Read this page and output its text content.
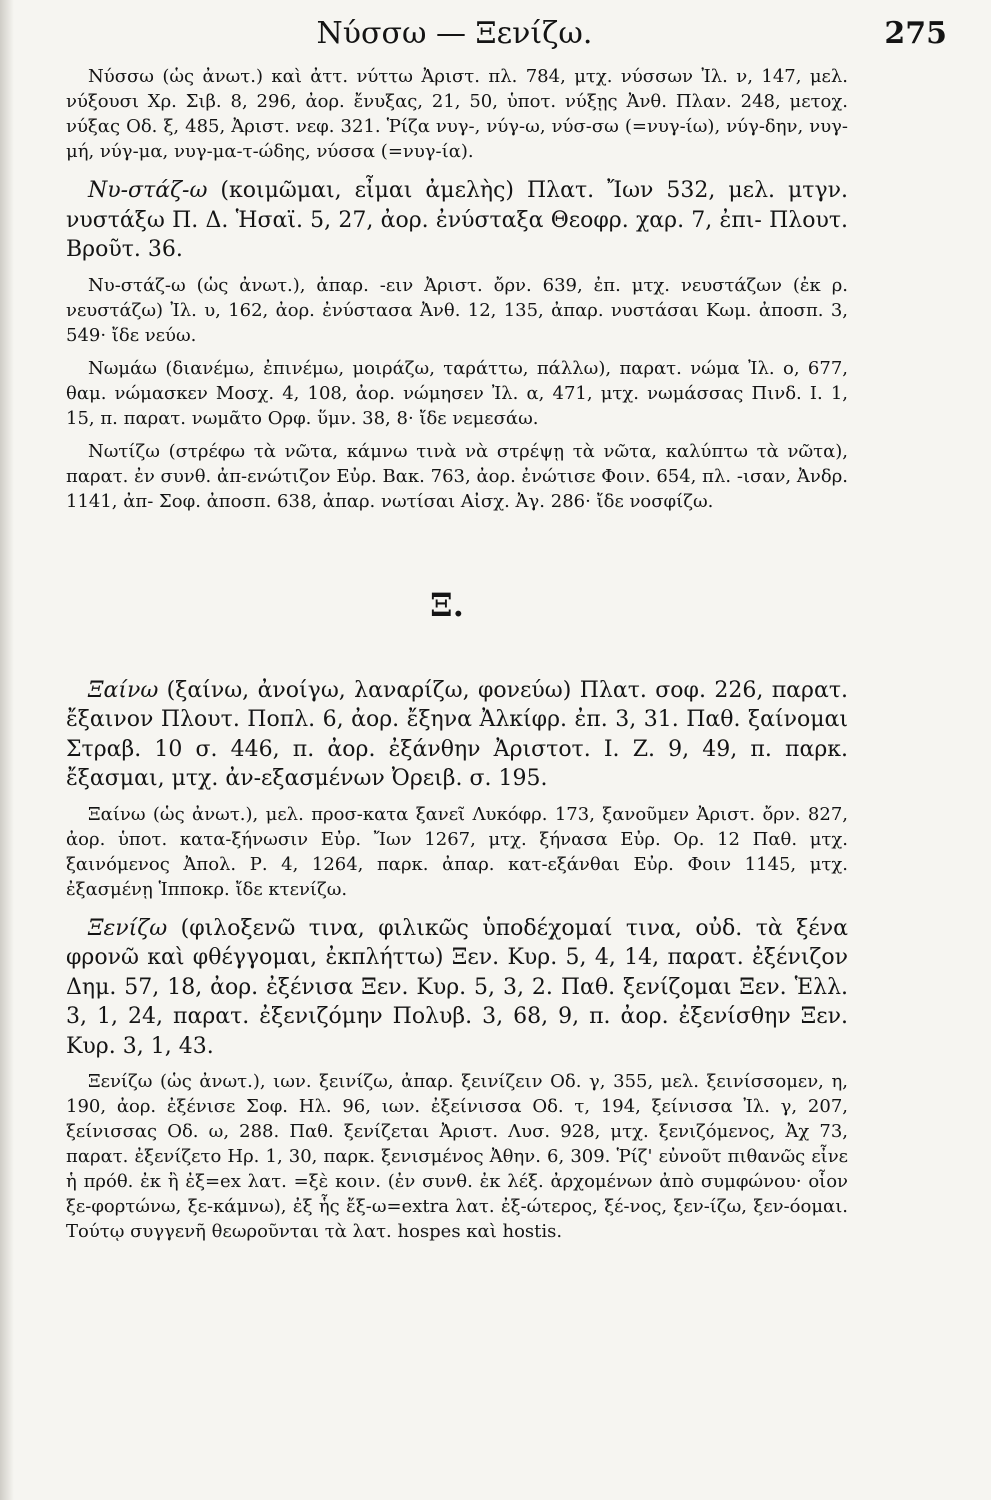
Νύσσω — Ξενίζω.	275

Νύσσω (ὡς ἀνωτ.) καὶ ἀττ. νύττω Ἀριστ. πλ. 784, μτχ. νύσσων Ἰλ. ν, 147, μελ. νύξουσι Χρ. Σιβ. 8, 296, ἀορ. ἔνυξας, 21, 50, ὑποτ. νύξῃς Ἀνθ. Πλαν. 248, μετοχ. νύξας Οδ. ξ, 485, Ἀριστ. νεφ. 321. Ῥίζα νυγ-, νύγ-ω, νύσ-σω (=νυγ-ίω), νύγ-δην, νυγ-μή, νύγ-μα, νυγ-μα-τ-ώδης, νύσσα (=νυγ-ία).

Νυ-στάζ-ω (κοιμῶμαι, εἶμαι ἀμελὴς) Πλατ. Ἴων 532, μελ. μτγν. νυστάξω Π. Δ. Ἡσαϊ. 5, 27, ἀορ. ἐνύσταξα Θεοφρ. χαρ. 7, ἐπι- Πλουτ. Βροῦτ. 36.

Νυ-στάζ-ω (ὡς ἀνωτ.), ἀπαρ. -ειν Ἀριστ. ὄρν. 639, ἐπ. μτχ. νευστάζων (ἐκ ρ. νευστάζω) Ἰλ. υ, 162, ἀορ. ἐνύστασα Ἀνθ. 12, 135, ἀπαρ. νυστάσαι Κωμ. ἀποσπ. 3, 549· ἴδε νεύω.

Νωμάω (διανέμω, ἐπινέμω, μοιράζω, ταράττω, πάλλω), παρατ. νώμα Ἰλ. ο, 677, θαμ. νώμασκεν Μοσχ. 4, 108, ἀορ. νώμησεν Ἰλ. α, 471, μτχ. νωμάσσας Πινδ. Ι. 1, 15, π. παρατ. νωμᾶτο Ορφ. ὕμν. 38, 8· ἴδε νεμεσάω.

Νωτίζω (στρέφω τὰ νῶτα, κάμνω τινὰ νὰ στρέψῃ τὰ νῶτα, καλύπτω τὰ νῶτα), παρατ. ἐν συνθ. ἀπ-ενώτιζον Εὐρ. Βακ. 763, ἀορ. ἐνώτισε Φοιν. 654, πλ. -ισαν, Ἀνδρ. 1141, ἀπ- Σοφ. ἀποσπ. 638, ἀπαρ. νωτίσαι Αἰσχ. Ἀγ. 286· ἴδε νοσφίζω.

Ξ.

Ξαίνω (ξαίνω, ἀνοίγω, λαναρίζω, φονεύω) Πλατ. σοφ. 226, παρατ. ἔξαινον Πλουτ. Ποπλ. 6, ἀορ. ἔξηνα Ἀλκίφρ. ἐπ. 3, 31. Παθ. ξαίνομαι Στραβ. 10 σ. 446, π. ἀορ. ἐξάνθην Ἀριστοτ. Ι. Ζ. 9, 49, π. παρκ. ἔξασμαι, μτχ. ἀν-εξασμένων Ὀρειβ. σ. 195.

Ξαίνω (ὡς ἀνωτ.), μελ. προσ-κατα ξανεῖ Λυκόφρ. 173, ξανοῦμεν Ἀριστ. ὄρν. 827, ἀορ. ὑποτ. κατα-ξήνωσιν Εὐρ. Ἴων 1267, μτχ. ξήνασα Εὐρ. Ορ. 12 Παθ. μτχ. ξαινόμενος Ἀπολ. Ρ. 4, 1264, παρκ. ἀπαρ. κατ-εξάνθαι Εὐρ. Φοιν 1145, μτχ. ἐξασμένῃ Ἱπποκρ. ἴδε κτενίζω.

Ξενίζω (φιλοξενῶ τινα, φιλικῶς ὑποδέχομαί τινα, οὐδ. τὰ ξένα φρονῶ καὶ φθέγγομαι, ἐκπλήττω) Ξεν. Κυρ. 5, 4, 14, παρατ. ἐξένιζον Δημ. 57, 18, ἀορ. ἐξένισα Ξεν. Κυρ. 5, 3, 2. Παθ. ξενίζομαι Ξεν. Ἑλλ. 3, 1, 24, παρατ. ἐξενιζόμην Πολυβ. 3, 68, 9, π. ἀορ. ἐξενίσθην Ξεν. Κυρ. 3, 1, 43.

Ξενίζω (ὡς ἀνωτ.), ιων. ξεινίζω, ἀπαρ. ξεινίζειν Οδ. γ, 355, μελ. ξεινίσσομεν, η, 190, ἀορ. ἐξένισε Σοφ. Ηλ. 96, ιων. ἐξείνισσα Οδ. τ, 194, ξείνισσα Ἰλ. γ, 207, ξείνισσας Οδ. ω, 288. Παθ. ξενίζεται Ἀριστ. Λυσ. 928, μτχ. ξενιζόμενος, Ἀχ 73, παρατ. ἐξενίζετο Ηρ. 1, 30, παρκ. ξενισμένος Ἀθην. 6, 309. Ῥίζ' εὐνοῦτ πιθανῶς εἶνε ἡ πρόθ. ἐκ ἢ ἐξ=ex λατ. =ξὲ κοιν. (ἐν συνθ. ἐκ λέξ. ἀρχομένων ἀπὸ συμφώνου· οἷον ξε-φορτώνω, ξε-κάμνω), ἐξ ἧς ἔξ-ω=extra λατ. ἐξ-ώτερος, ξέ-νος, ξεν-ίζω, ξεν-όομαι. Τούτῳ συγγενῆ θεωροῦνται τὰ λατ. hospes καὶ hostis.
